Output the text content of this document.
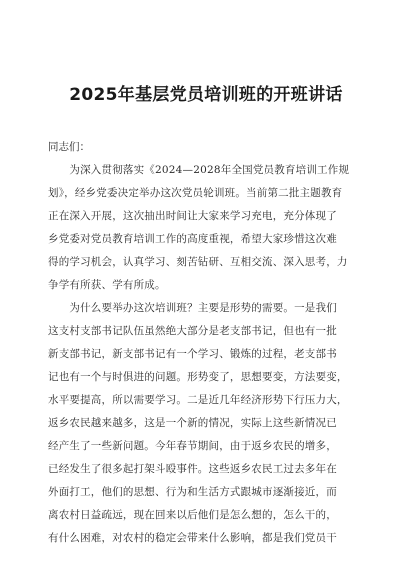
2025年基层党员培训班的开班讲话

同志们：

　　为深入贯彻落实《2024—2028年全国党员教育培训工作规
划》，经乡党委决定举办这次党员轮训班。当前第二批主题教育
正在深入开展，这次抽出时间让大家来学习充电，充分体现了
乡党委对党员教育培训工作的高度重视，希望大家珍惜这次难
得的学习机会，认真学习、刻苦钻研、互相交流、深入思考，力
争学有所获、学有所成。
　　为什么要举办这次培训班？主要是形势的需要。一是我们
这支村支部书记队伍虽然绝大部分是老支部书记，但也有一批
新支部书记，新支部书记有一个学习、锻炼的过程，老支部书
记也有一个与时俱进的问题。形势变了，思想要变，方法要变，
水平要提高，所以需要学习。二是近几年经济形势下行压力大，
返乡农民越来越多，这是一个新的情况，实际上这些新情况已
经产生了一些新问题。今年春节期间，由于返乡农民的增多，
已经发生了很多起打架斗殴事件。这些返乡农民工过去多年在
外面打工，他们的思想、行为和生活方式跟城市逐渐接近，而
离农村日益疏远，现在回来以后他们是怎么想的，怎么干的，
有什么困难，对农村的稳定会带来什么影响，都是我们党员干
